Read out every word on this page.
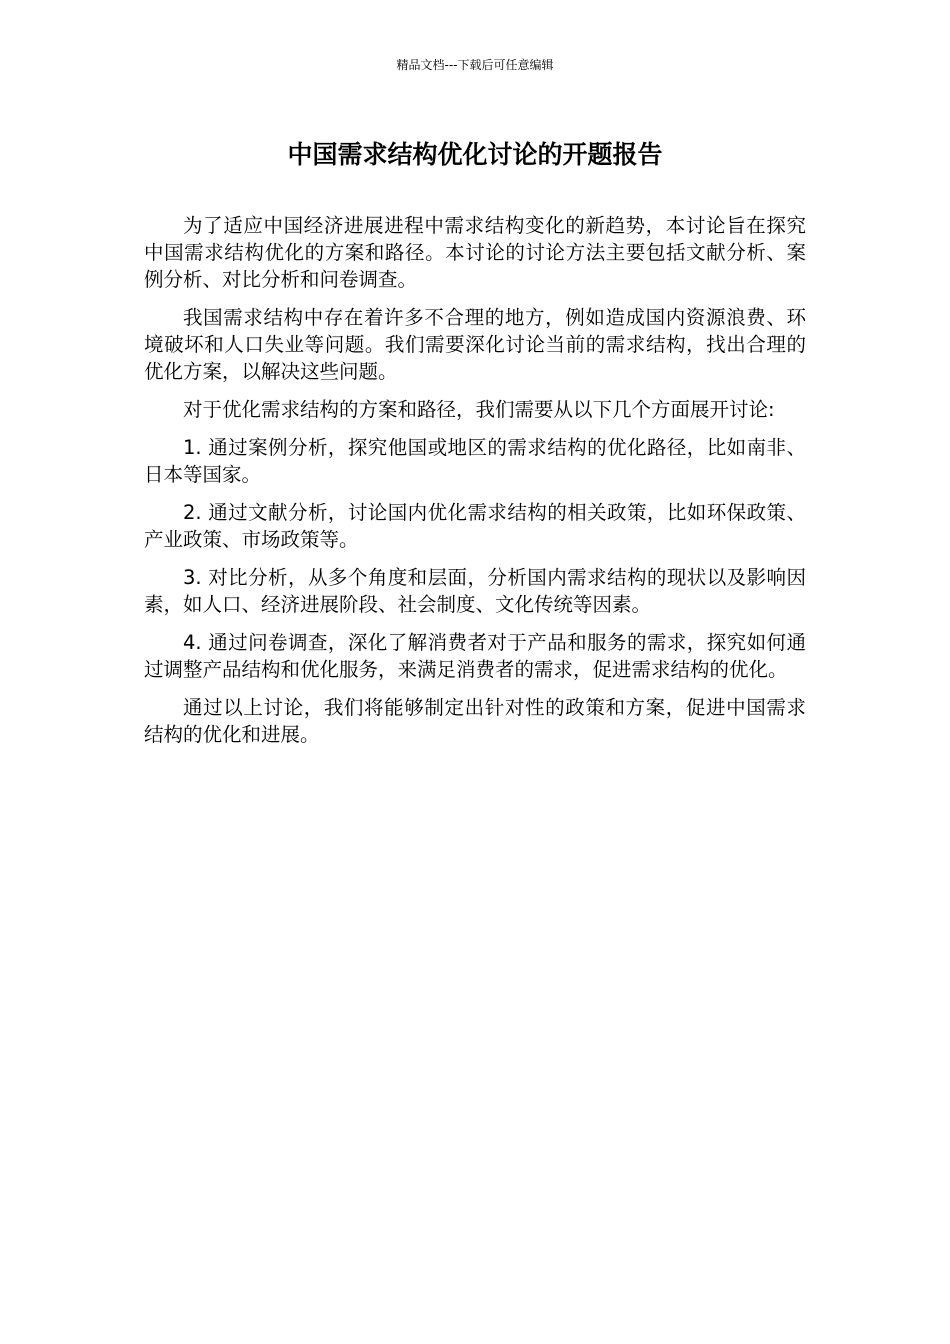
精品文档---下载后可任意编辑
中国需求结构优化讨论的开题报告

为了适应中国经济进展进程中需求结构变化的新趋势，本讨论旨在探究中国需求结构优化的方案和路径。本讨论的讨论方法主要包括文献分析、案例分析、对比分析和问卷调查。

我国需求结构中存在着许多不合理的地方，例如造成国内资源浪费、环境破坏和人口失业等问题。我们需要深化讨论当前的需求结构，找出合理的优化方案，以解决这些问题。

对于优化需求结构的方案和路径，我们需要从以下几个方面展开讨论:

1. 通过案例分析，探究他国或地区的需求结构的优化路径，比如南非、日本等国家。

2. 通过文献分析，讨论国内优化需求结构的相关政策，比如环保政策、产业政策、市场政策等。

3. 对比分析，从多个角度和层面，分析国内需求结构的现状以及影响因素，如人口、经济进展阶段、社会制度、文化传统等因素。

4. 通过问卷调查，深化了解消费者对于产品和服务的需求，探究如何通过调整产品结构和优化服务，来满足消费者的需求，促进需求结构的优化。

通过以上讨论，我们将能够制定出针对性的政策和方案，促进中国需求结构的优化和进展。
